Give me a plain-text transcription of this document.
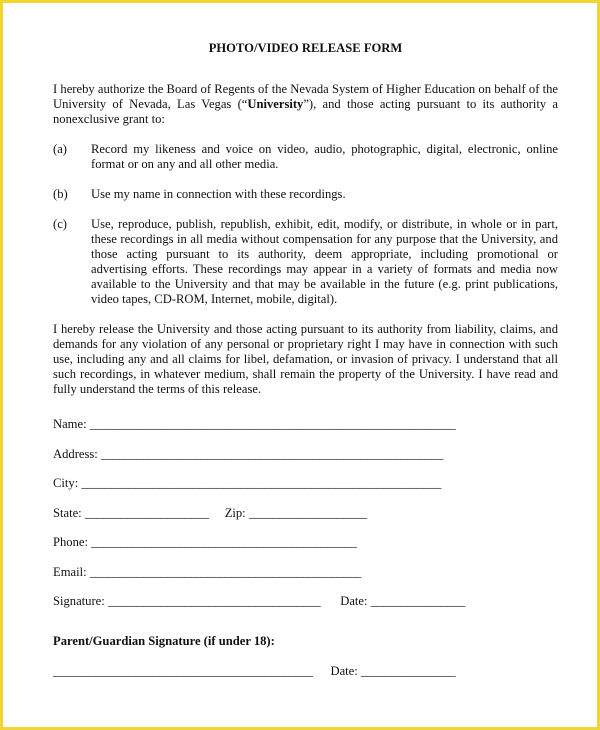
PHOTO/VIDEO RELEASE FORM

I hereby authorize the Board of Regents of the Nevada System of Higher Education on behalf of the University of Nevada, Las Vegas (“University”), and those acting pursuant to its authority a nonexclusive grant to:

(a)	Record my likeness and voice on video, audio, photographic, digital, electronic, online format or on any and all other media.
(b)	Use my name in connection with these recordings.
(c)	Use, reproduce, publish, republish, exhibit, edit, modify, or distribute, in whole or in part, these recordings in all media without compensation for any purpose that the University, and those acting pursuant to its authority, deem appropriate, including promotional or advertising efforts. These recordings may appear in a variety of formats and media now available to the University and that may be available in the future (e.g. print publications, video tapes, CD-ROM, Internet, mobile, digital).

I hereby release the University and those acting pursuant to its authority from liability, claims, and demands for any violation of any personal or proprietary right I may have in connection with such use, including any and all claims for libel, defamation, or invasion of privacy. I understand that all such recordings, in whatever medium, shall remain the property of the University. I have read and fully understand the terms of this release.

Name:
______________________________________________________________
Address:
__________________________________________________________
City:
_____________________________________________________________
State:
_____________________ Zip:
____________________
Phone:
_____________________________________________
Email:
______________________________________________
Signature:
____________________________________ Date:
________________
Parent/Guardian Signature (if under 18):
____________________________________________ Date:
________________
